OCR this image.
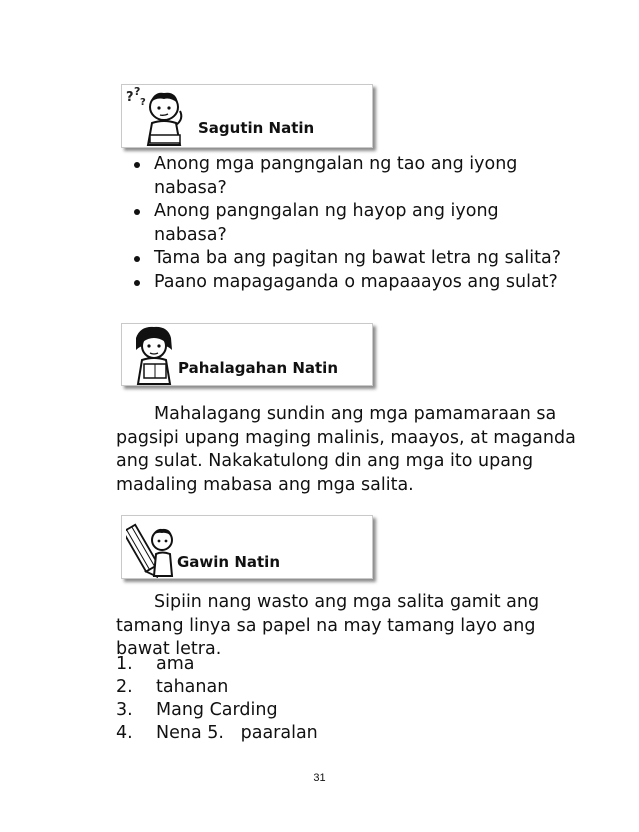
? ?
?
Sagutin Natin
Anong mga pangngalan ng tao ang iyong nabasa?
Anong pangngalan ng hayop ang iyong nabasa?
Tama ba ang pagitan ng bawat letra ng salita?
Paano mapagaganda o mapaaayos ang sulat?
Pahalagahan Natin

Mahalagang sundin ang mga pamamaraan sa pagsipi upang maging malinis, maayos, at maganda ang sulat. Nakakatulong din ang mga ito upang madaling mabasa ang mga salita.

Gawin Natin

Sipiin nang wasto ang mga salita gamit ang tamang linya sa papel na may tamang layo ang bawat letra.

1.	ama
2.	tahanan
3.	Mang Carding
4.	Nena 5.   paaralan
31
